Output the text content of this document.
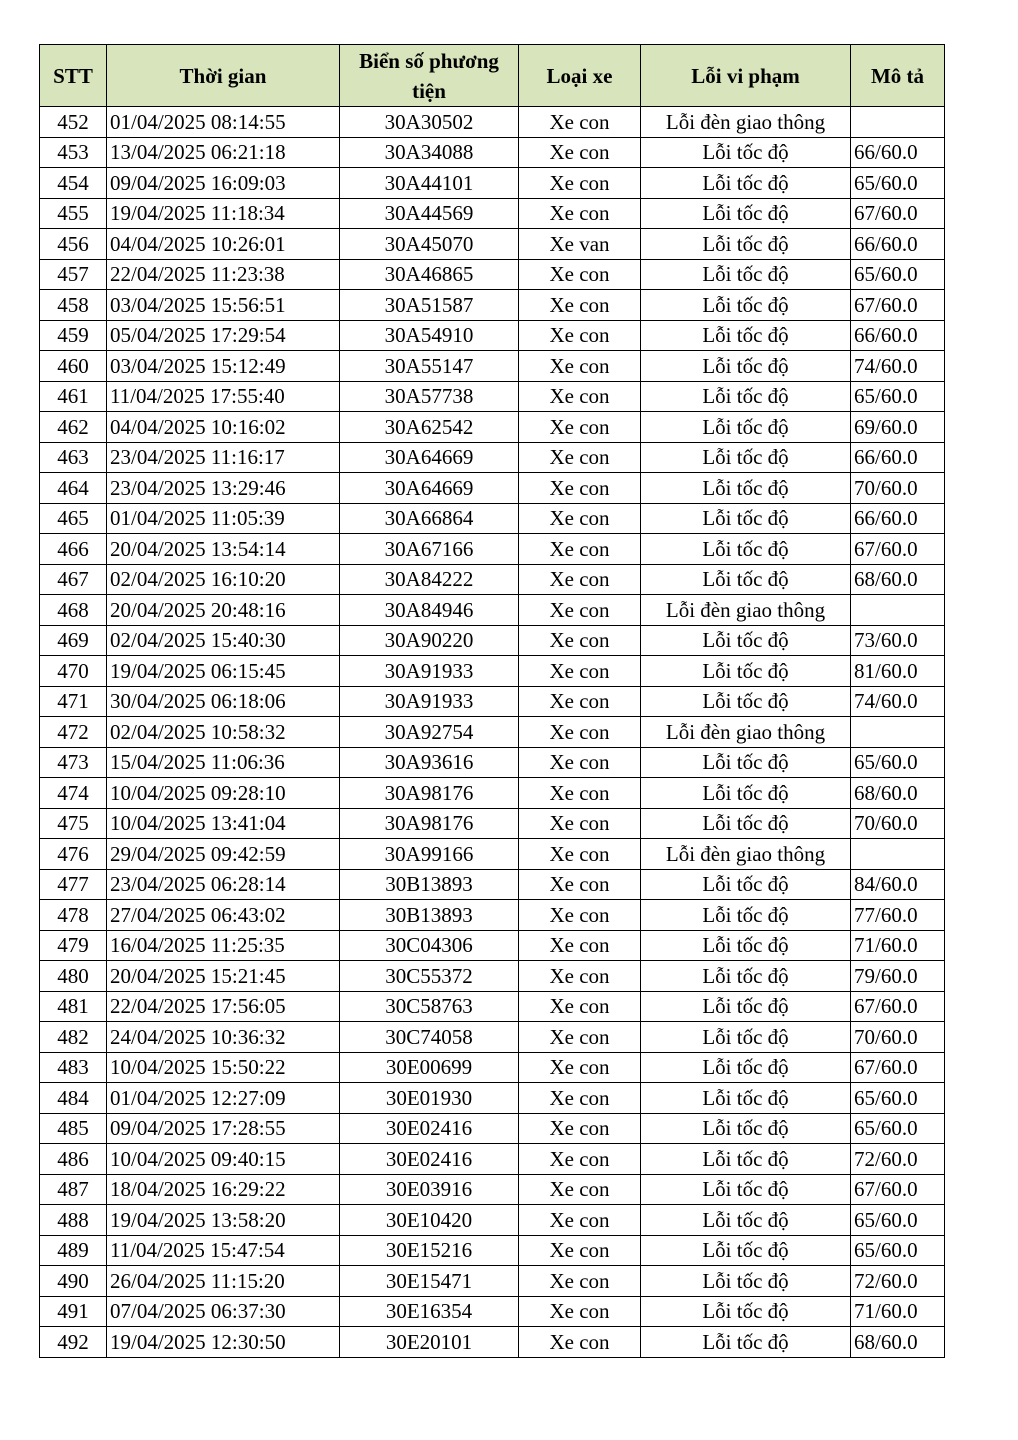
STT	Thời gian	Biển số phương tiện	Loại xe	Lỗi vi phạm	Mô tả
452	01/04/2025 08:14:55	30A30502	Xe con	Lỗi đèn giao thông	
453	13/04/2025 06:21:18	30A34088	Xe con	Lỗi tốc độ	66/60.0
454	09/04/2025 16:09:03	30A44101	Xe con	Lỗi tốc độ	65/60.0
455	19/04/2025 11:18:34	30A44569	Xe con	Lỗi tốc độ	67/60.0
456	04/04/2025 10:26:01	30A45070	Xe van	Lỗi tốc độ	66/60.0
457	22/04/2025 11:23:38	30A46865	Xe con	Lỗi tốc độ	65/60.0
458	03/04/2025 15:56:51	30A51587	Xe con	Lỗi tốc độ	67/60.0
459	05/04/2025 17:29:54	30A54910	Xe con	Lỗi tốc độ	66/60.0
460	03/04/2025 15:12:49	30A55147	Xe con	Lỗi tốc độ	74/60.0
461	11/04/2025 17:55:40	30A57738	Xe con	Lỗi tốc độ	65/60.0
462	04/04/2025 10:16:02	30A62542	Xe con	Lỗi tốc độ	69/60.0
463	23/04/2025 11:16:17	30A64669	Xe con	Lỗi tốc độ	66/60.0
464	23/04/2025 13:29:46	30A64669	Xe con	Lỗi tốc độ	70/60.0
465	01/04/2025 11:05:39	30A66864	Xe con	Lỗi tốc độ	66/60.0
466	20/04/2025 13:54:14	30A67166	Xe con	Lỗi tốc độ	67/60.0
467	02/04/2025 16:10:20	30A84222	Xe con	Lỗi tốc độ	68/60.0
468	20/04/2025 20:48:16	30A84946	Xe con	Lỗi đèn giao thông	
469	02/04/2025 15:40:30	30A90220	Xe con	Lỗi tốc độ	73/60.0
470	19/04/2025 06:15:45	30A91933	Xe con	Lỗi tốc độ	81/60.0
471	30/04/2025 06:18:06	30A91933	Xe con	Lỗi tốc độ	74/60.0
472	02/04/2025 10:58:32	30A92754	Xe con	Lỗi đèn giao thông	
473	15/04/2025 11:06:36	30A93616	Xe con	Lỗi tốc độ	65/60.0
474	10/04/2025 09:28:10	30A98176	Xe con	Lỗi tốc độ	68/60.0
475	10/04/2025 13:41:04	30A98176	Xe con	Lỗi tốc độ	70/60.0
476	29/04/2025 09:42:59	30A99166	Xe con	Lỗi đèn giao thông	
477	23/04/2025 06:28:14	30B13893	Xe con	Lỗi tốc độ	84/60.0
478	27/04/2025 06:43:02	30B13893	Xe con	Lỗi tốc độ	77/60.0
479	16/04/2025 11:25:35	30C04306	Xe con	Lỗi tốc độ	71/60.0
480	20/04/2025 15:21:45	30C55372	Xe con	Lỗi tốc độ	79/60.0
481	22/04/2025 17:56:05	30C58763	Xe con	Lỗi tốc độ	67/60.0
482	24/04/2025 10:36:32	30C74058	Xe con	Lỗi tốc độ	70/60.0
483	10/04/2025 15:50:22	30E00699	Xe con	Lỗi tốc độ	67/60.0
484	01/04/2025 12:27:09	30E01930	Xe con	Lỗi tốc độ	65/60.0
485	09/04/2025 17:28:55	30E02416	Xe con	Lỗi tốc độ	65/60.0
486	10/04/2025 09:40:15	30E02416	Xe con	Lỗi tốc độ	72/60.0
487	18/04/2025 16:29:22	30E03916	Xe con	Lỗi tốc độ	67/60.0
488	19/04/2025 13:58:20	30E10420	Xe con	Lỗi tốc độ	65/60.0
489	11/04/2025 15:47:54	30E15216	Xe con	Lỗi tốc độ	65/60.0
490	26/04/2025 11:15:20	30E15471	Xe con	Lỗi tốc độ	72/60.0
491	07/04/2025 06:37:30	30E16354	Xe con	Lỗi tốc độ	71/60.0
492	19/04/2025 12:30:50	30E20101	Xe con	Lỗi tốc độ	68/60.0
